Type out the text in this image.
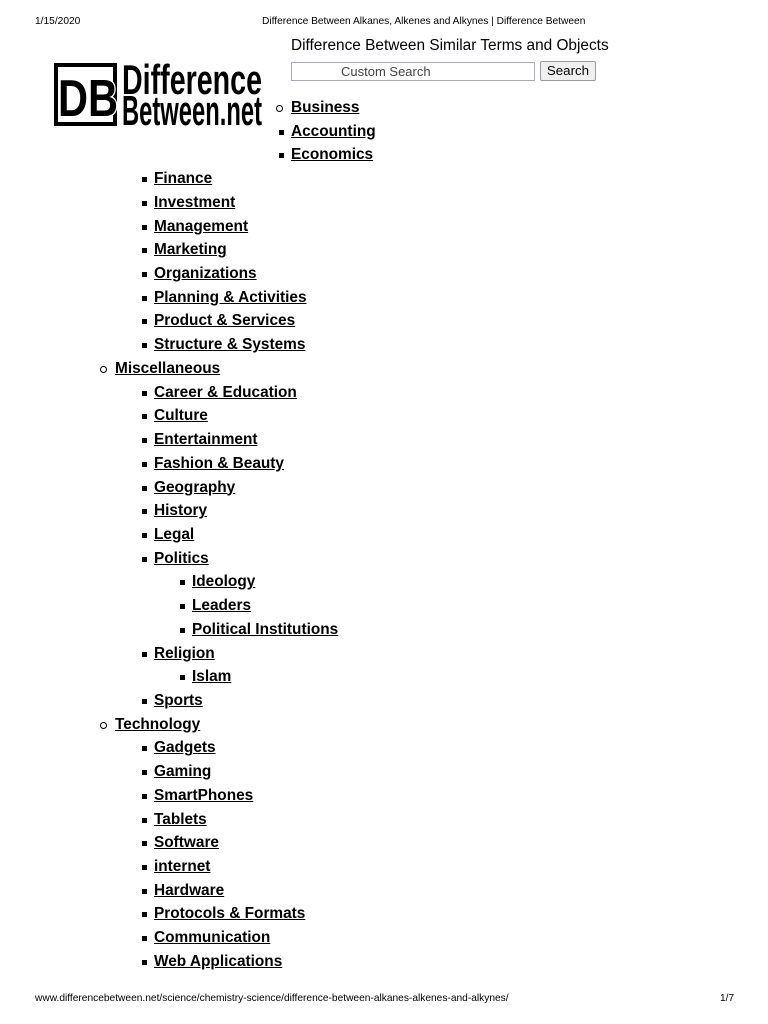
1/15/2020	Difference Between Alkanes, Alkenes and Alkynes | Difference Between
DB Difference
Between.net
Difference Between Similar Terms and Objects
Custom Search
Search
Business
Accounting
Economics
Finance
Investment
Management
Marketing
Organizations
Planning & Activities
Product & Services
Structure & Systems
Miscellaneous
Career & Education
Culture
Entertainment
Fashion & Beauty
Geography
History
Legal
Politics
Ideology
Leaders
Political Institutions
Religion
Islam
Sports
Technology
Gadgets
Gaming
SmartPhones
Tablets
Software
internet
Hardware
Protocols & Formats
Communication
Web Applications
www.differencebetween.net/science/chemistry-science/difference-between-alkanes-alkenes-and-alkynes/	1/7
